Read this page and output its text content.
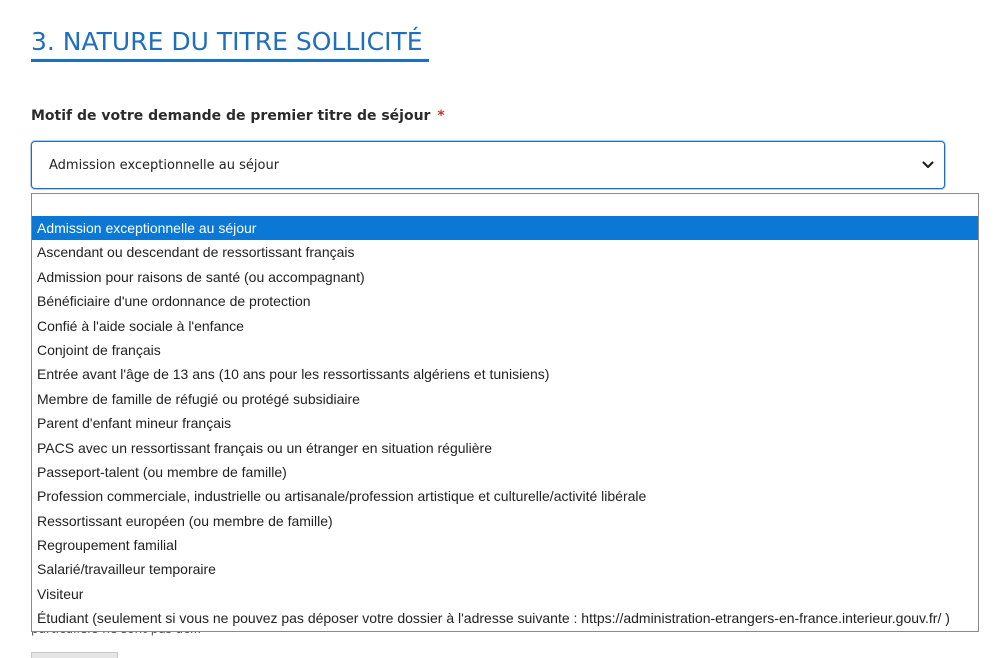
3. NATURE DU TITRE SOLLICITÉ
Motif de votre demande de premier titre de séjour *
Admission exceptionnelle au séjour
Admission exceptionnelle au séjour
Ascendant ou descendant de ressortissant français
Admission pour raisons de santé (ou accompagnant)
Bénéficiaire d'une ordonnance de protection
Confié à l'aide sociale à l'enfance
Conjoint de français
Entrée avant l'âge de 13 ans (10 ans pour les ressortissants algériens et tunisiens)
Membre de famille de réfugié ou protégé subsidiaire
Parent d'enfant mineur français
PACS avec un ressortissant français ou un étranger en situation régulière
Passeport-talent (ou membre de famille)
Profession commerciale, industrielle ou artisanale/profession artistique et culturelle/activité libérale
Ressortissant européen (ou membre de famille)
Regroupement familial
Salarié/travailleur temporaire
Visiteur
Étudiant (seulement si vous ne pouvez pas déposer votre dossier à l'adresse suivante : https://administration-etrangers-en-france.interieur.gouv.fr/ )
